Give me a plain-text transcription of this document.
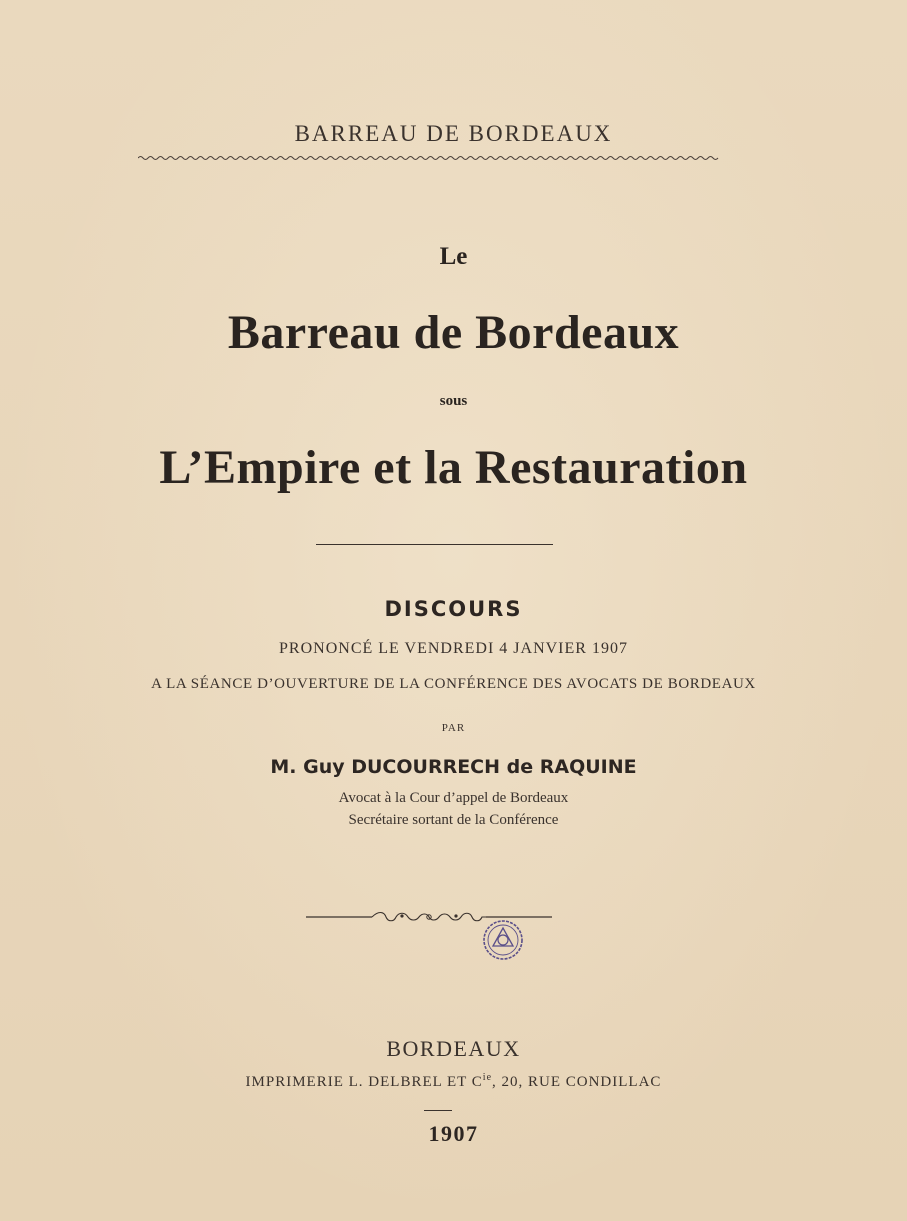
BARREAU DE BORDEAUX
Le
Barreau de Bordeaux
sous
L’Empire et la Restauration
DISCOURS
PRONONCÉ LE VENDREDI 4 JANVIER 1907
A LA SÉANCE D’OUVERTURE DE LA CONFÉRENCE DES AVOCATS DE BORDEAUX
PAR
M. Guy DUCOURRECH de RAQUINE
Avocat à la Cour d’appel de Bordeaux
Secrétaire sortant de la Conférence
BORDEAUX
IMPRIMERIE L. DELBREL ET $C^{ie}$, 20, RUE CONDILLAC
1907
